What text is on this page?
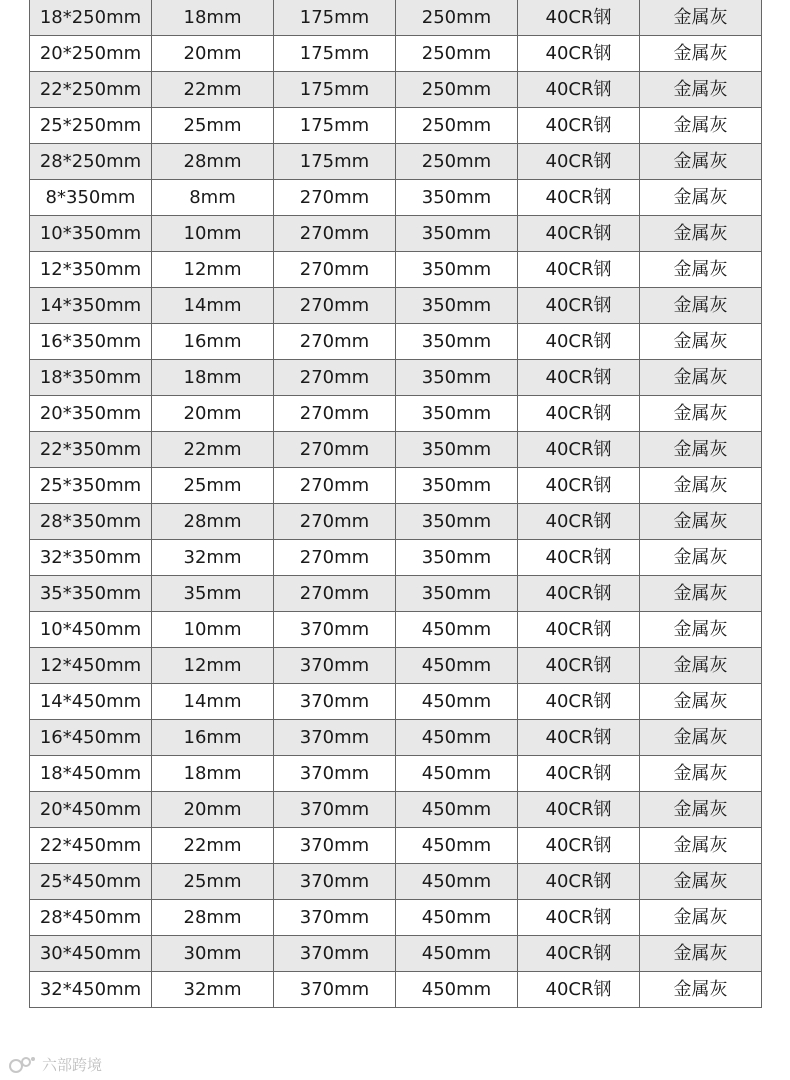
18*250mm	18mm	175mm	250mm	40CR钢	金属灰
20*250mm	20mm	175mm	250mm	40CR钢	金属灰
22*250mm	22mm	175mm	250mm	40CR钢	金属灰
25*250mm	25mm	175mm	250mm	40CR钢	金属灰
28*250mm	28mm	175mm	250mm	40CR钢	金属灰
8*350mm	8mm	270mm	350mm	40CR钢	金属灰
10*350mm	10mm	270mm	350mm	40CR钢	金属灰
12*350mm	12mm	270mm	350mm	40CR钢	金属灰
14*350mm	14mm	270mm	350mm	40CR钢	金属灰
16*350mm	16mm	270mm	350mm	40CR钢	金属灰
18*350mm	18mm	270mm	350mm	40CR钢	金属灰
20*350mm	20mm	270mm	350mm	40CR钢	金属灰
22*350mm	22mm	270mm	350mm	40CR钢	金属灰
25*350mm	25mm	270mm	350mm	40CR钢	金属灰
28*350mm	28mm	270mm	350mm	40CR钢	金属灰
32*350mm	32mm	270mm	350mm	40CR钢	金属灰
35*350mm	35mm	270mm	350mm	40CR钢	金属灰
10*450mm	10mm	370mm	450mm	40CR钢	金属灰
12*450mm	12mm	370mm	450mm	40CR钢	金属灰
14*450mm	14mm	370mm	450mm	40CR钢	金属灰
16*450mm	16mm	370mm	450mm	40CR钢	金属灰
18*450mm	18mm	370mm	450mm	40CR钢	金属灰
20*450mm	20mm	370mm	450mm	40CR钢	金属灰
22*450mm	22mm	370mm	450mm	40CR钢	金属灰
25*450mm	25mm	370mm	450mm	40CR钢	金属灰
28*450mm	28mm	370mm	450mm	40CR钢	金属灰
30*450mm	30mm	370mm	450mm	40CR钢	金属灰
32*450mm	32mm	370mm	450mm	40CR钢	金属灰
六部跨境
